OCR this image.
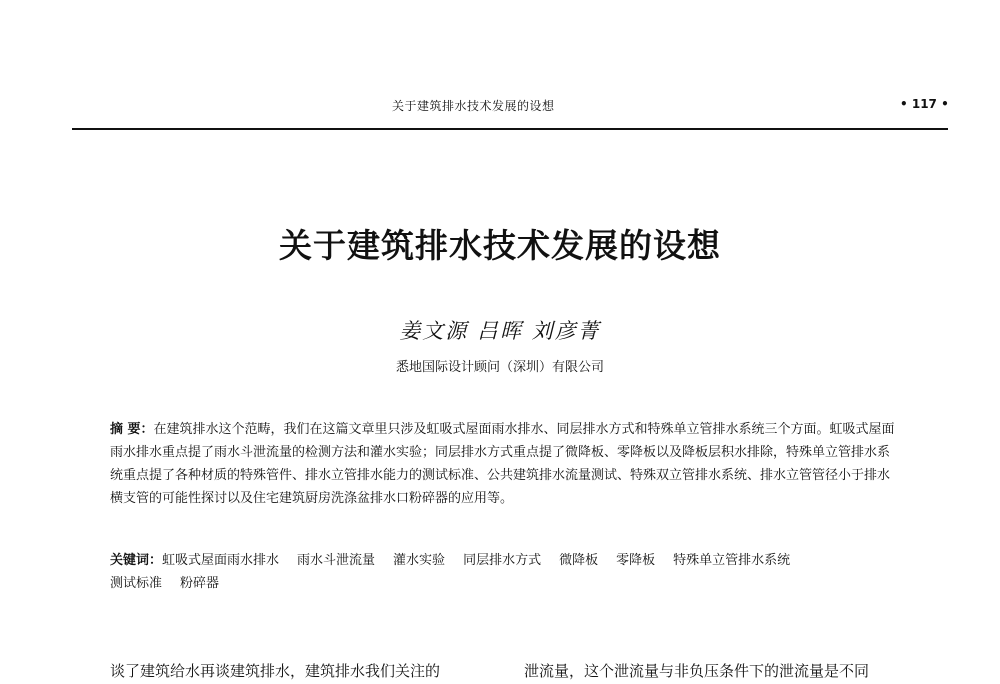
关于建筑排水技术发展的设想	• 117 •
关于建筑排水技术发展的设想
姜文源 吕晖 刘彦菁
悉地国际设计顾问（深圳）有限公司
摘 要：在建筑排水这个范畴，我们在这篇文章里只涉及虹吸式屋面雨水排水、同层排水方式和特殊单立管排水系统三个方面。虹吸式屋面雨水排水重点提了雨水斗泄流量的检测方法和灌水实验；同层排水方式重点提了微降板、零降板以及降板层积水排除，特殊单立管排水系统重点提了各种材质的特殊管件、排水立管排水能力的测试标准、公共建筑排水流量测试、特殊双立管排水系统、排水立管管径小于排水横支管的可能性探讨以及住宅建筑厨房洗涤盆排水口粉碎器的应用等。
关键词：虹吸式屋面雨水排水 雨水斗泄流量 灌水实验 同层排水方式 微降板 零降板 特殊单立管排水系统
测试标准 粉碎器
谈了建筑给水再谈建筑排水，建筑排水我们关注的	泄流量，这个泄流量与非负压条件下的泄流量是不同
